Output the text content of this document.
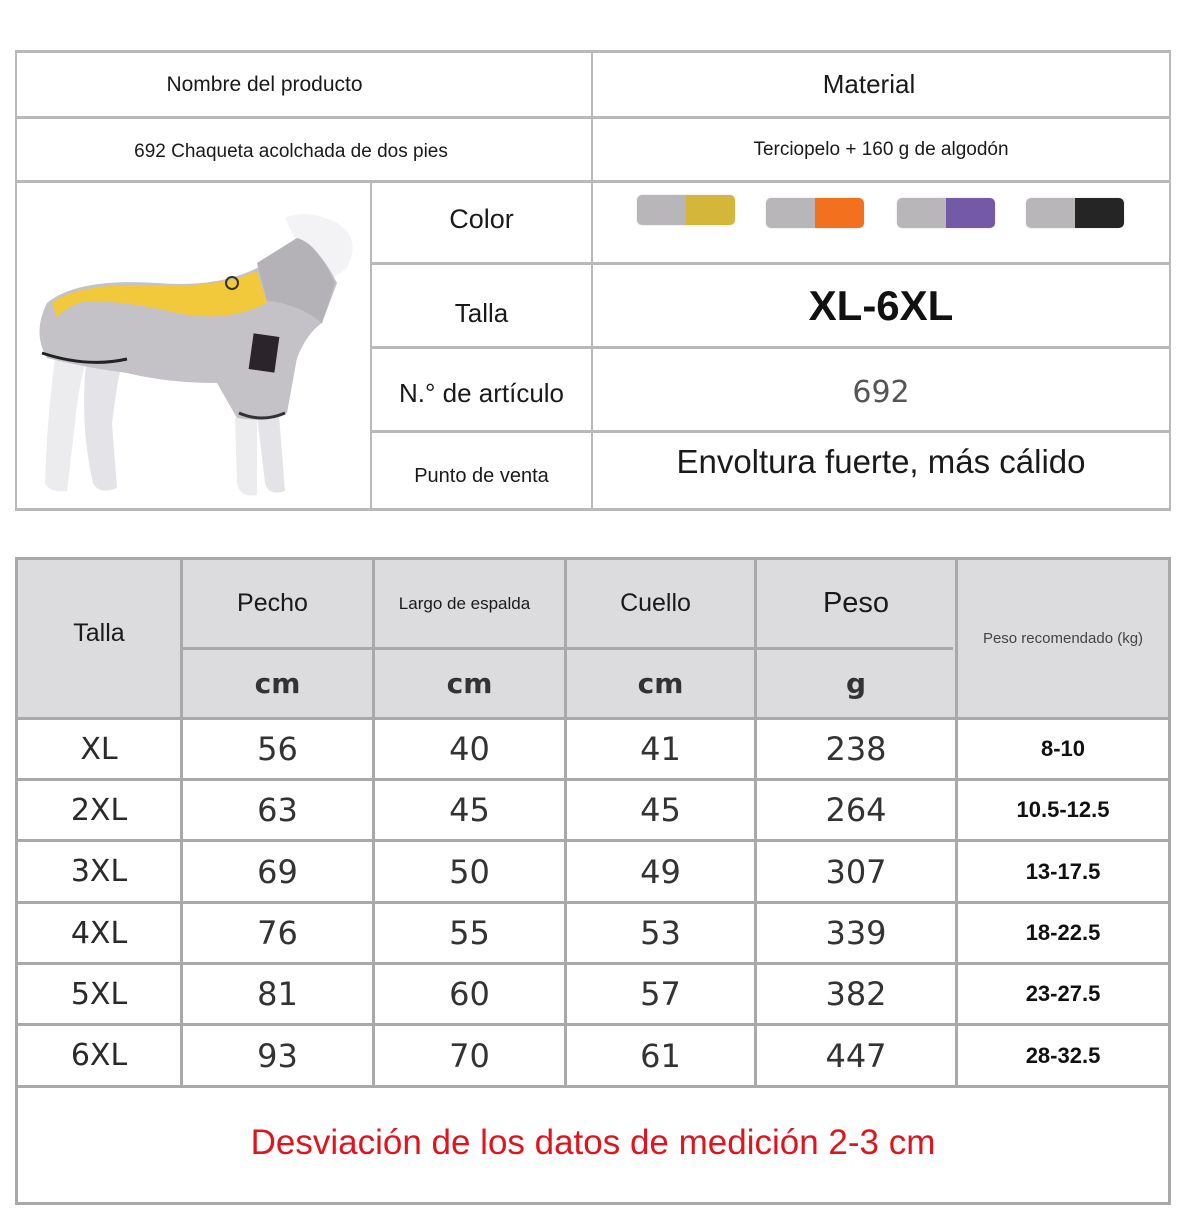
Nombre del producto	Material
692 Chaqueta acolchada de dos pies	Terciopelo + 160 g de algodón
Color
Talla	XL-6XL
N.° de artículo	692
Punto de venta	Envoltura fuerte, más cálido
Talla
Pecho	Largo de espalda	Cuello	Peso
Peso recomendado (kg)
cm	cm	cm	g
XL	56	40	41	238	8-10
2XL	63	45	45	264	10.5-12.5
3XL	69	50	49	307	13-17.5
4XL	76	55	53	339	18-22.5
5XL	81	60	57	382	23-27.5
6XL	93	70	61	447	28-32.5
Desviación de los datos de medición 2-3 cm
